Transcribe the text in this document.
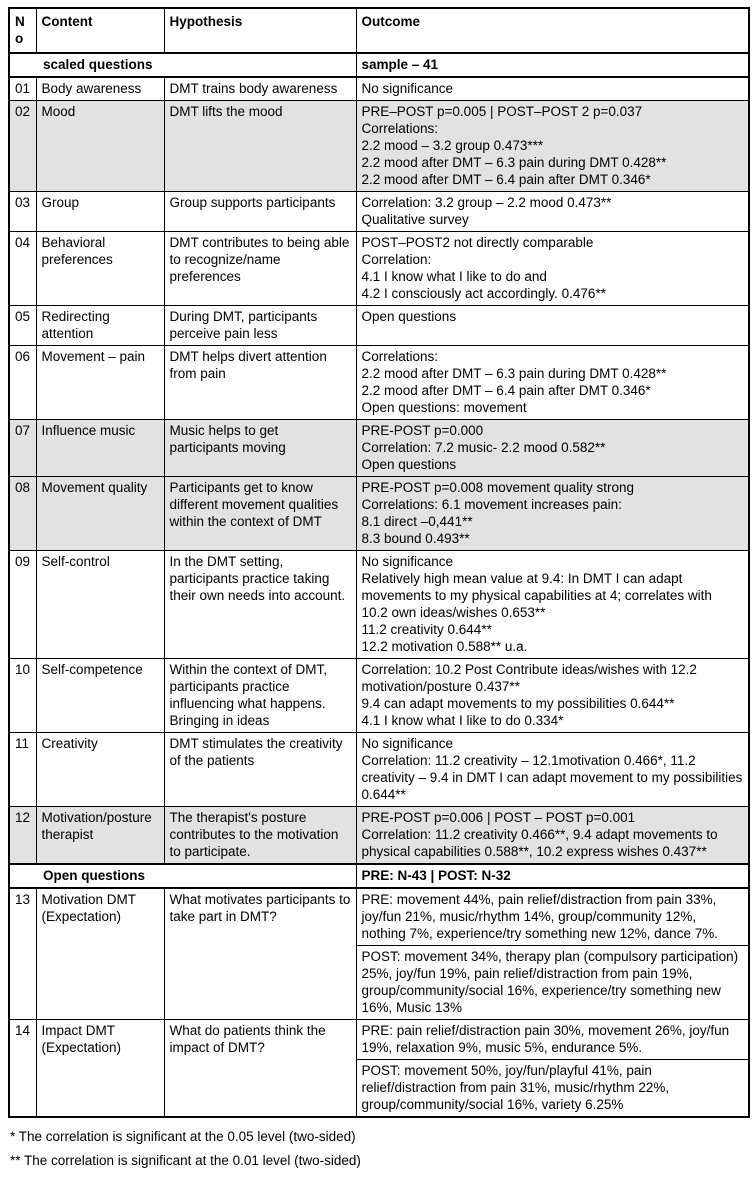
No	Content	Hypothesis	Outcome
scaled questions			sample – 41
01	Body awareness	DMT trains body awareness	No significance

02	Mood	DMT lifts the mood	PRE–POST p=0.005 | POST–POST 2 p=0.037
Correlations:
2.2 mood – 3.2 group 0.473***
2.2 mood after DMT – 6.3 pain during DMT 0.428**
2.2 mood after DMT – 6.4 pain after DMT 0.346*

03	Group	Group supports participants	Correlation: 3.2 group – 2.2 mood 0.473**
Qualitative survey

04	Behavioral preferences	DMT contributes to being able to recognize/name preferences	POST–POST2 not directly comparable
Correlation:
4.1 I know what I like to do and
4.2 I consciously act accordingly. 0.476**

05	Redirecting attention	During DMT, participants perceive pain less	Open questions

06	Movement – pain	DMT helps divert attention from pain	Correlations:
2.2 mood after DMT – 6.3 pain during DMT 0.428**
2.2 mood after DMT – 6.4 pain after DMT 0.346*
Open questions: movement

07	Influence music	Music helps to get participants moving	PRE-POST p=0.000
Correlation: 7.2 music- 2.2 mood 0.582**
Open questions

08	Movement quality	Participants get to know different movement qualities within the context of DMT	PRE-POST p=0.008 movement quality strong
Correlations: 6.1 movement increases pain:
8.1 direct –0,441**
8.3 bound 0.493**

09	Self-control	In the DMT setting, participants practice taking their own needs into account.	No significance
Relatively high mean value at 9.4: In DMT I can adapt movements to my physical capabilities at 4; correlates with
10.2 own ideas/wishes 0.653**
11.2 creativity 0.644**
12.2 motivation 0.588** u.a.

10	Self-competence	Within the context of DMT, participants practice influencing what happens. Bringing in ideas	Correlation: 10.2 Post Contribute ideas/wishes with 12.2 motivation/posture 0.437**
9.4 can adapt movements to my possibilities 0.644**
4.1 I know what I like to do 0.334*

11	Creativity	DMT stimulates the creativity of the patients	No significance
Correlation: 11.2 creativity – 12.1motivation 0.466*, 11.2 creativity – 9.4 in DMT I can adapt movement to my possibilities 0.644**

12	Motivation/posture therapist	The therapist's posture contributes to the motivation to participate.	PRE-POST p=0.006 | POST – POST p=0.001
Correlation: 11.2 creativity 0.466**, 9.4 adapt movements to physical capabilities 0.588**, 10.2 express wishes 0.437**

Open questions			PRE: N-43 | POST: N-32
13	Motivation DMT (Expectation)	What motivates participants to take part in DMT?	PRE: movement 44%, pain relief/distraction from pain 33%, joy/fun 21%, music/rhythm 14%, group/community 12%, nothing 7%, experience/try something new 12%, dance 7%.

			POST: movement 34%, therapy plan (compulsory participation) 25%, joy/fun 19%, pain relief/distraction from pain 19%, group/community/social 16%, experience/try something new 16%, Music 13%

14	Impact DMT (Expectation)	What do patients think the impact of DMT?	PRE: pain relief/distraction pain 30%, movement 26%, joy/fun 19%, relaxation 9%, music 5%, endurance 5%.

			POST: movement 50%, joy/fun/playful 41%, pain relief/distraction from pain 31%, music/rhythm 22%, group/community/social 16%, variety 6.25%
* The correlation is significant at the 0.05 level (two-sided)
** The correlation is significant at the 0.01 level (two-sided)
